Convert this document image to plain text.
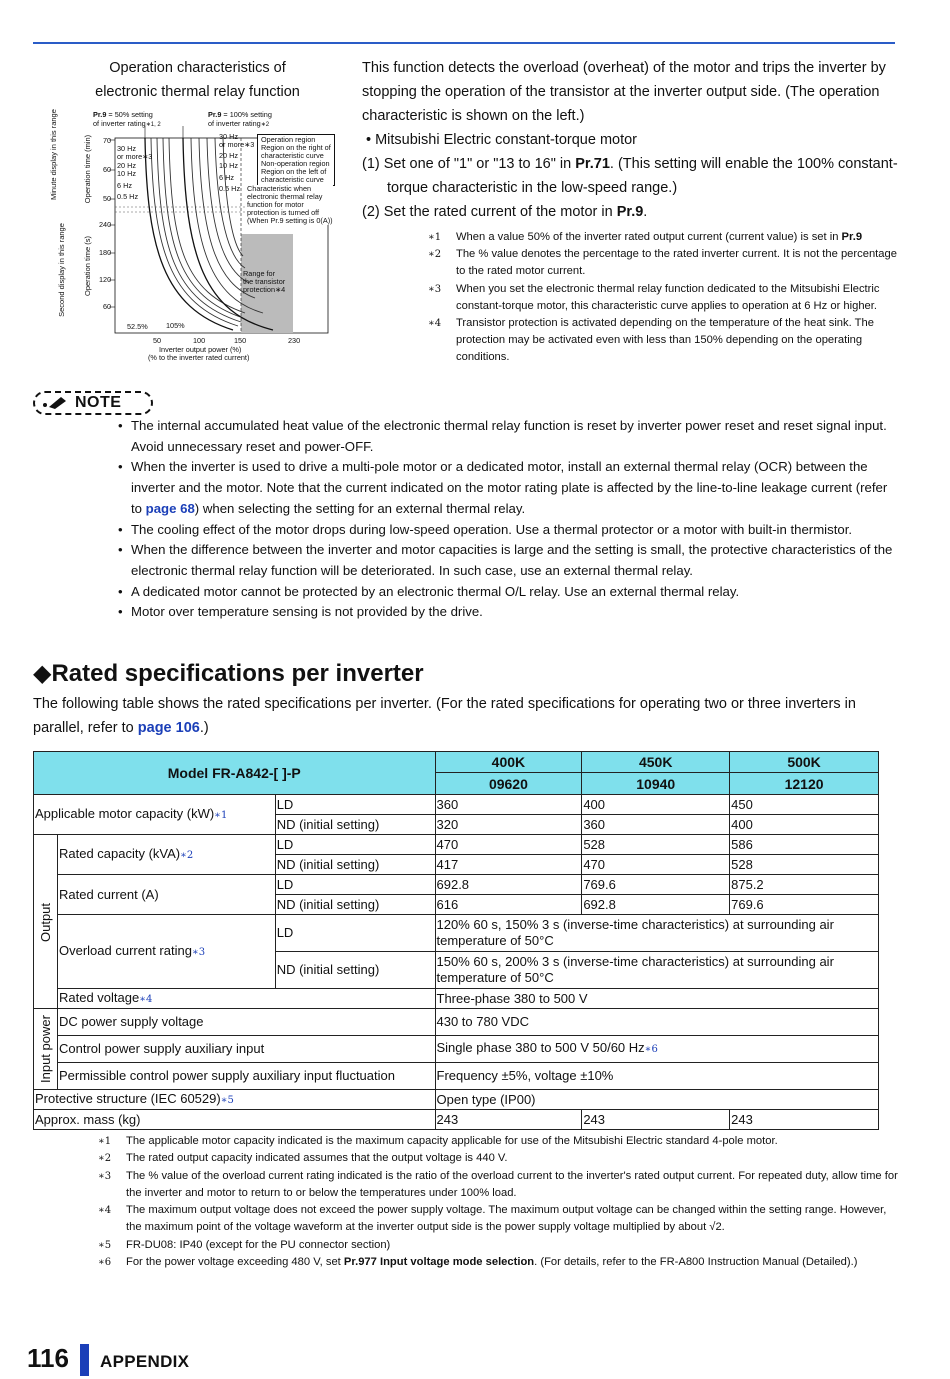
Operation characteristics of
electronic thermal relay function
Pr.9 = 50% setting
of inverter rating∗1, 2
Pr.9 = 100% setting
of inverter rating∗2
Minute display in this range
Second display in this range
Operation time (min)
Operation time (s)
70
60
50
240
180
120
60
30 Hz
or more∗3
20 Hz
10 Hz
6 Hz
0.5 Hz
30 Hz
or more∗3
20 Hz
10 Hz
6 Hz
0.5 Hz
Operation region
Region on the right of
characteristic curve
Non-operation region
Region on the left of
characteristic curve
Characteristic when
electronic thermal relay
function for motor
protection is turned off
(When Pr.9 setting is 0(A))
Range for
the transistor
protection∗4
52.5%	105%
50	100	150	230
Inverter output power (%)
(% to the inverter rated current)

This function detects the overload (overheat) of the motor and trips the inverter by stopping the operation of the transistor at the inverter output side. (The operation characteristic is shown on the left.)

• Mitsubishi Electric constant-torque motor

(1) Set one of "1" or "13 to 16" in Pr.71. (This setting will enable the 100% constant-torque characteristic in the low-speed range.)

(2) Set the rated current of the motor in Pr.9.

∗1	When a value 50% of the inverter rated output current (current value) is set in Pr.9
∗2	The % value denotes the percentage to the rated inverter current. It is not the percentage to the rated motor current.
∗3	When you set the electronic thermal relay function dedicated to the Mitsubishi Electric constant-torque motor, this characteristic curve applies to operation at 6 Hz or higher.
∗4	Transistor protection is activated depending on the temperature of the heat sink. The protection may be activated even with less than 150% depending on the operating conditions.
NOTE
• The internal accumulated heat value of the electronic thermal relay function is reset by inverter power reset and reset signal input. Avoid unnecessary reset and power-OFF.
• When the inverter is used to drive a multi-pole motor or a dedicated motor, install an external thermal relay (OCR) between the inverter and the motor. Note that the current indicated on the motor rating plate is affected by the line-to-line leakage current (refer to page 68) when selecting the setting for an external thermal relay.
• The cooling effect of the motor drops during low-speed operation. Use a thermal protector or a motor with built-in thermistor.
• When the difference between the inverter and motor capacities is large and the setting is small, the protective characteristics of the electronic thermal relay function will be deteriorated. In such case, use an external thermal relay.
• A dedicated motor cannot be protected by an electronic thermal O/L relay. Use an external thermal relay.
• Motor over temperature sensing is not provided by the drive.
◆Rated specifications per inverter
The following table shows the rated specifications per inverter. (For the rated specifications for operating two or three inverters in parallel, refer to page 106.)
Model FR-A842-[ ]-P			400K	450K	500K
			09620	10940	12120
Applicable motor capacity (kW)∗1		LD	360	400	450
		ND (initial setting)	320	360	400
Output	Rated capacity (kVA)∗2	LD	470	528	586
		ND (initial setting)	417	470	528
	Rated current (A)	LD	692.8	769.6	875.2
		ND (initial setting)	616	692.8	769.6
	Overload current rating∗3	LD	120% 60 s, 150% 3 s (inverse-time characteristics) at surrounding air temperature of 50°C		
		ND (initial setting)	150% 60 s, 200% 3 s (inverse-time characteristics) at surrounding air temperature of 50°C		
	Rated voltage∗4		Three-phase 380 to 500 V		
Input power	DC power supply voltage		430 to 780 VDC		
	Control power supply auxiliary input		Single phase 380 to 500 V 50/60 Hz∗6		
	Permissible control power supply auxiliary input fluctuation		Frequency ±5%, voltage ±10%		
Protective structure (IEC 60529)∗5			Open type (IP00)		
Approx. mass (kg)			243	243	243
∗1	The applicable motor capacity indicated is the maximum capacity applicable for use of the Mitsubishi Electric standard 4-pole motor.
∗2	The rated output capacity indicated assumes that the output voltage is 440 V.
∗3	The % value of the overload current rating indicated is the ratio of the overload current to the inverter's rated output current. For repeated duty, allow time for the inverter and motor to return to or below the temperatures under 100% load.
∗4	The maximum output voltage does not exceed the power supply voltage. The maximum output voltage can be changed within the setting range. However, the maximum point of the voltage waveform at the inverter output side is the power supply voltage multiplied by about √2.
∗5	FR-DU08: IP40 (except for the PU connector section)
∗6	For the power voltage exceeding 480 V, set Pr.977 Input voltage mode selection. (For details, refer to the FR-A800 Instruction Manual (Detailed).)
116 APPENDIX
